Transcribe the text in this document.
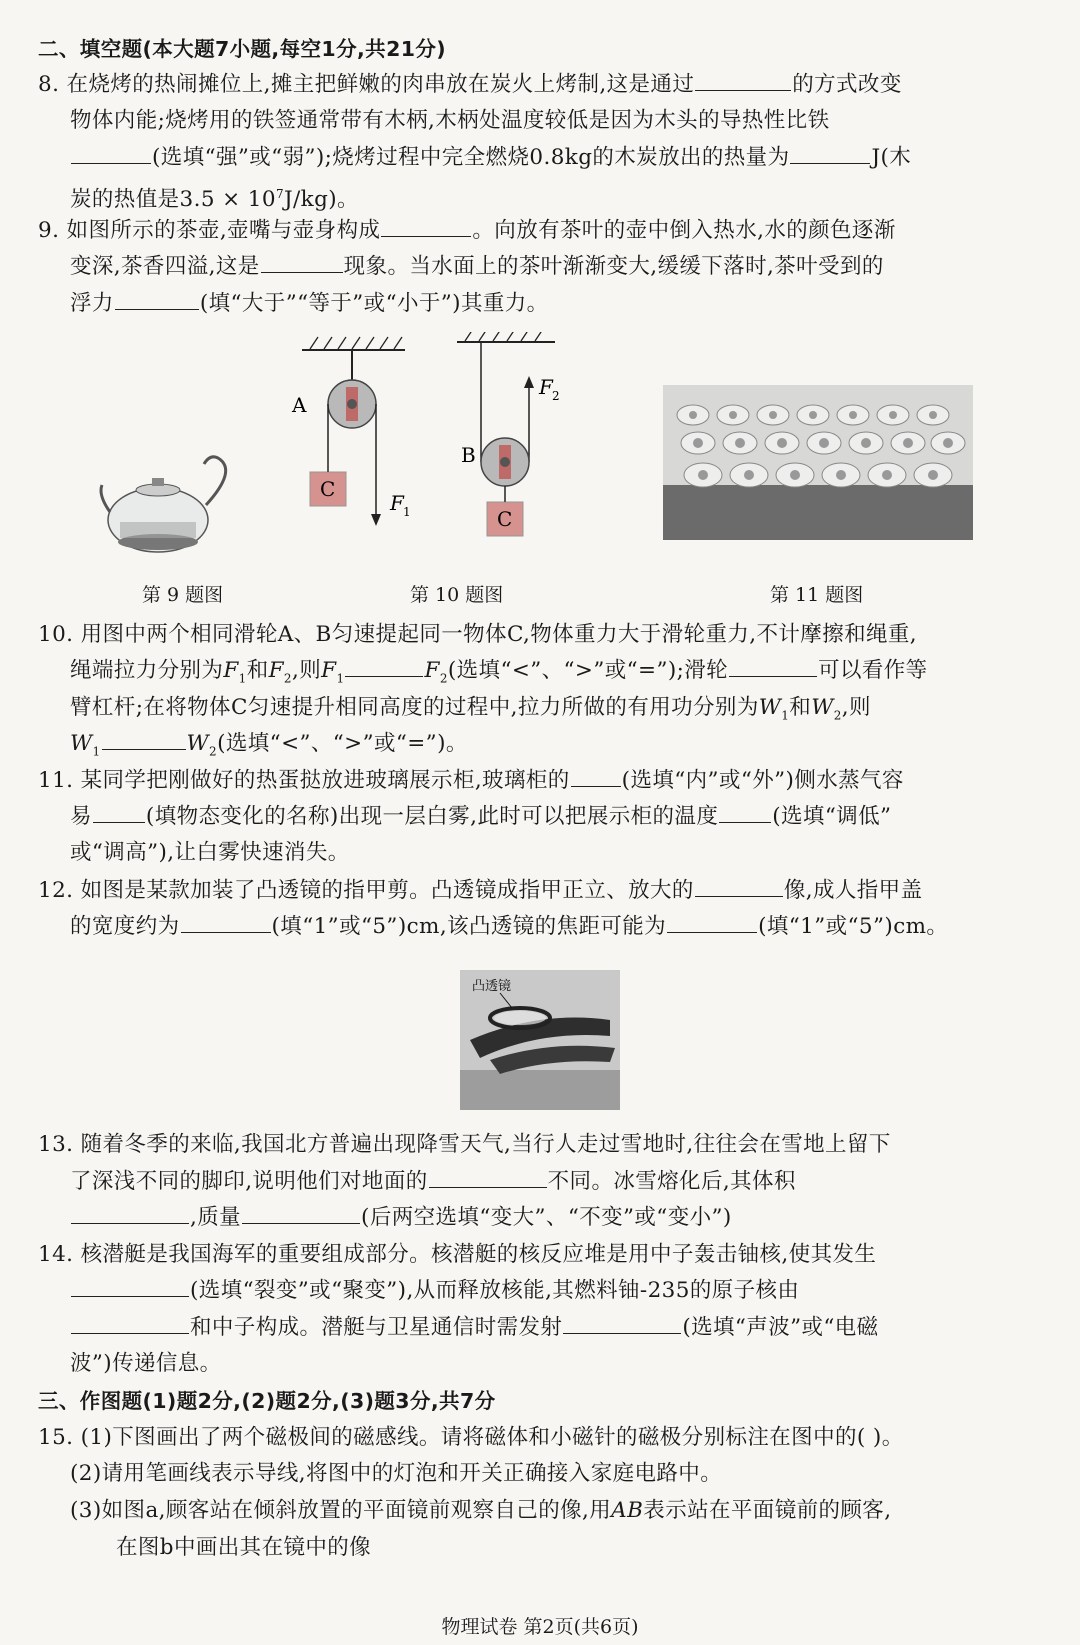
二、填空题(本大题7小题,每空1分,共21分)
8. 在烧烤的热闹摊位上,摊主把鲜嫩的肉串放在炭火上烤制,这是通过	的方式改变
物体内能;烧烤用的铁签通常带有木柄,木柄处温度较低是因为木头的导热性比铁
(选填“强”或“弱”);烧烤过程中完全燃烧0.8kg的木炭放出的热量为	J(木
炭的热值是$3.5 \times 10^7J/kg$)。
9. 如图所示的茶壶,壶嘴与壶身构成	。向放有茶叶的壶中倒入热水,水的颜色逐渐
变深,茶香四溢,这是	现象。当水面上的茶叶渐渐变大,缓缓下落时,茶叶受到的
浮力	(填“大于”“等于”或“小于”)其重力。
C
A
F 1	C
B
F 2
第 9 题图	第 10 题图	第 11 题图
10. 用图中两个相同滑轮A、B匀速提起同一物体C,物体重力大于滑轮重力,不计摩擦和绳重,
绳端拉力分别为$F_1$和$F_2$,则$F_1$	$F_2$(选填“<”、“>”或“=”);滑轮	可以看作等
臂杠杆;在将物体C匀速提升相同高度的过程中,拉力所做的有用功分别为$W_1$和$W_2$,则
$W_1$	$W_2$(选填“<”、“>”或“=”)。
11. 某同学把刚做好的热蛋挞放进玻璃展示柜,玻璃柜的 (选填“内”或“外”)侧水蒸气容
易	(填物态变化的名称)出现一层白雾,此时可以把展示柜的温度	(选填“调低”
或“调高”),让白雾快速消失。
12. 如图是某款加装了凸透镜的指甲剪。凸透镜成指甲正立、放大的	像,成人指甲盖
的宽度约为	(填“1”或“5”)cm,该凸透镜的焦距可能为	(填“1”或“5”)cm。
凸透镜
13. 随着冬季的来临,我国北方普遍出现降雪天气,当行人走过雪地时,往往会在雪地上留下
了深浅不同的脚印,说明他们对地面的	不同。冰雪熔化后,其体积
,质量	(后两空选填“变大”、“不变”或“变小”)
14. 核潜艇是我国海军的重要组成部分。核潜艇的核反应堆是用中子轰击铀核,使其发生
(选填“裂变”或“聚变”),从而释放核能,其燃料铀-235的原子核由
和中子构成。潜艇与卫星通信时需发射	(选填“声波”或“电磁
波”)传递信息。
三、作图题(1)题2分,(2)题2分,(3)题3分,共7分
15. (1)下图画出了两个磁极间的磁感线。请将磁体和小磁针的磁极分别标注在图中的( )。
(2)请用笔画线表示导线,将图中的灯泡和开关正确接入家庭电路中。
(3)如图a,顾客站在倾斜放置的平面镜前观察自己的像,用AB表示站在平面镜前的顾客,
在图b中画出其在镜中的像
物理试卷 第2页(共6页)
